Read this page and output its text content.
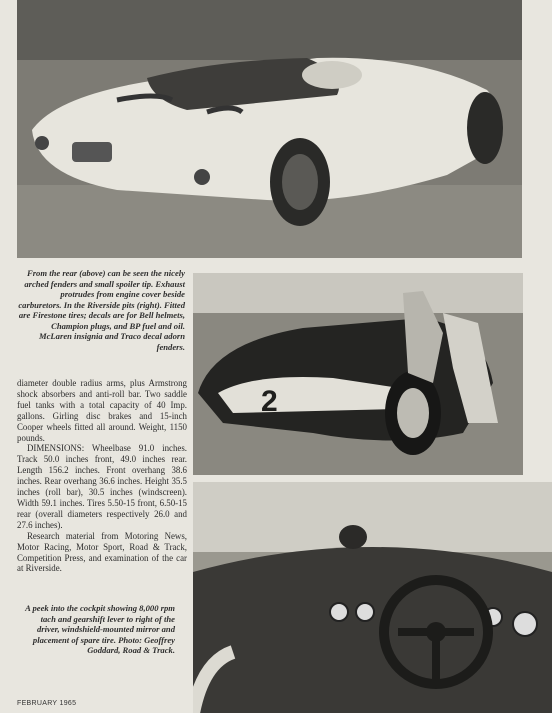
2
From the rear (above) can be seen the nicely arched fenders and small spoiler tip. Exhaust protrudes from engine cover beside carburetors. In the Riverside pits (right). Fitted are Firestone tires; decals are for Bell helmets, Champion plugs, and BP fuel and oil. McLaren insignia and Traco decal adorn fenders.

diameter double radius arms, plus Armstrong shock absorbers and anti-roll bar. Two saddle fuel tanks with a total capacity of 40 Imp. gallons. Girling disc brakes and 15-inch Cooper wheels fitted all around. Weight, 1150 pounds.

DIMENSIONS: Wheelbase 91.0 inches. Track 50.0 inches front, 49.0 inches rear. Length 156.2 inches. Front overhang 38.6 inches. Rear overhang 36.6 inches. Height 35.5 inches (roll bar), 30.5 inches (windscreen). Width 59.1 inches. Tires 5.50-15 front, 6.50-15 rear (overall diameters respectively 26.0 and 27.6 inches).

Research material from Motoring News, Motor Racing, Motor Sport, Road & Track, Competition Press, and examination of the car at Riverside.

A peek into the cockpit showing 8,000 rpm tach and gearshift lever to right of the driver, windshield-mounted mirror and placement of spare tire. Photo: Geoffrey Goddard, Road & Track.
FEBRUARY 1965
